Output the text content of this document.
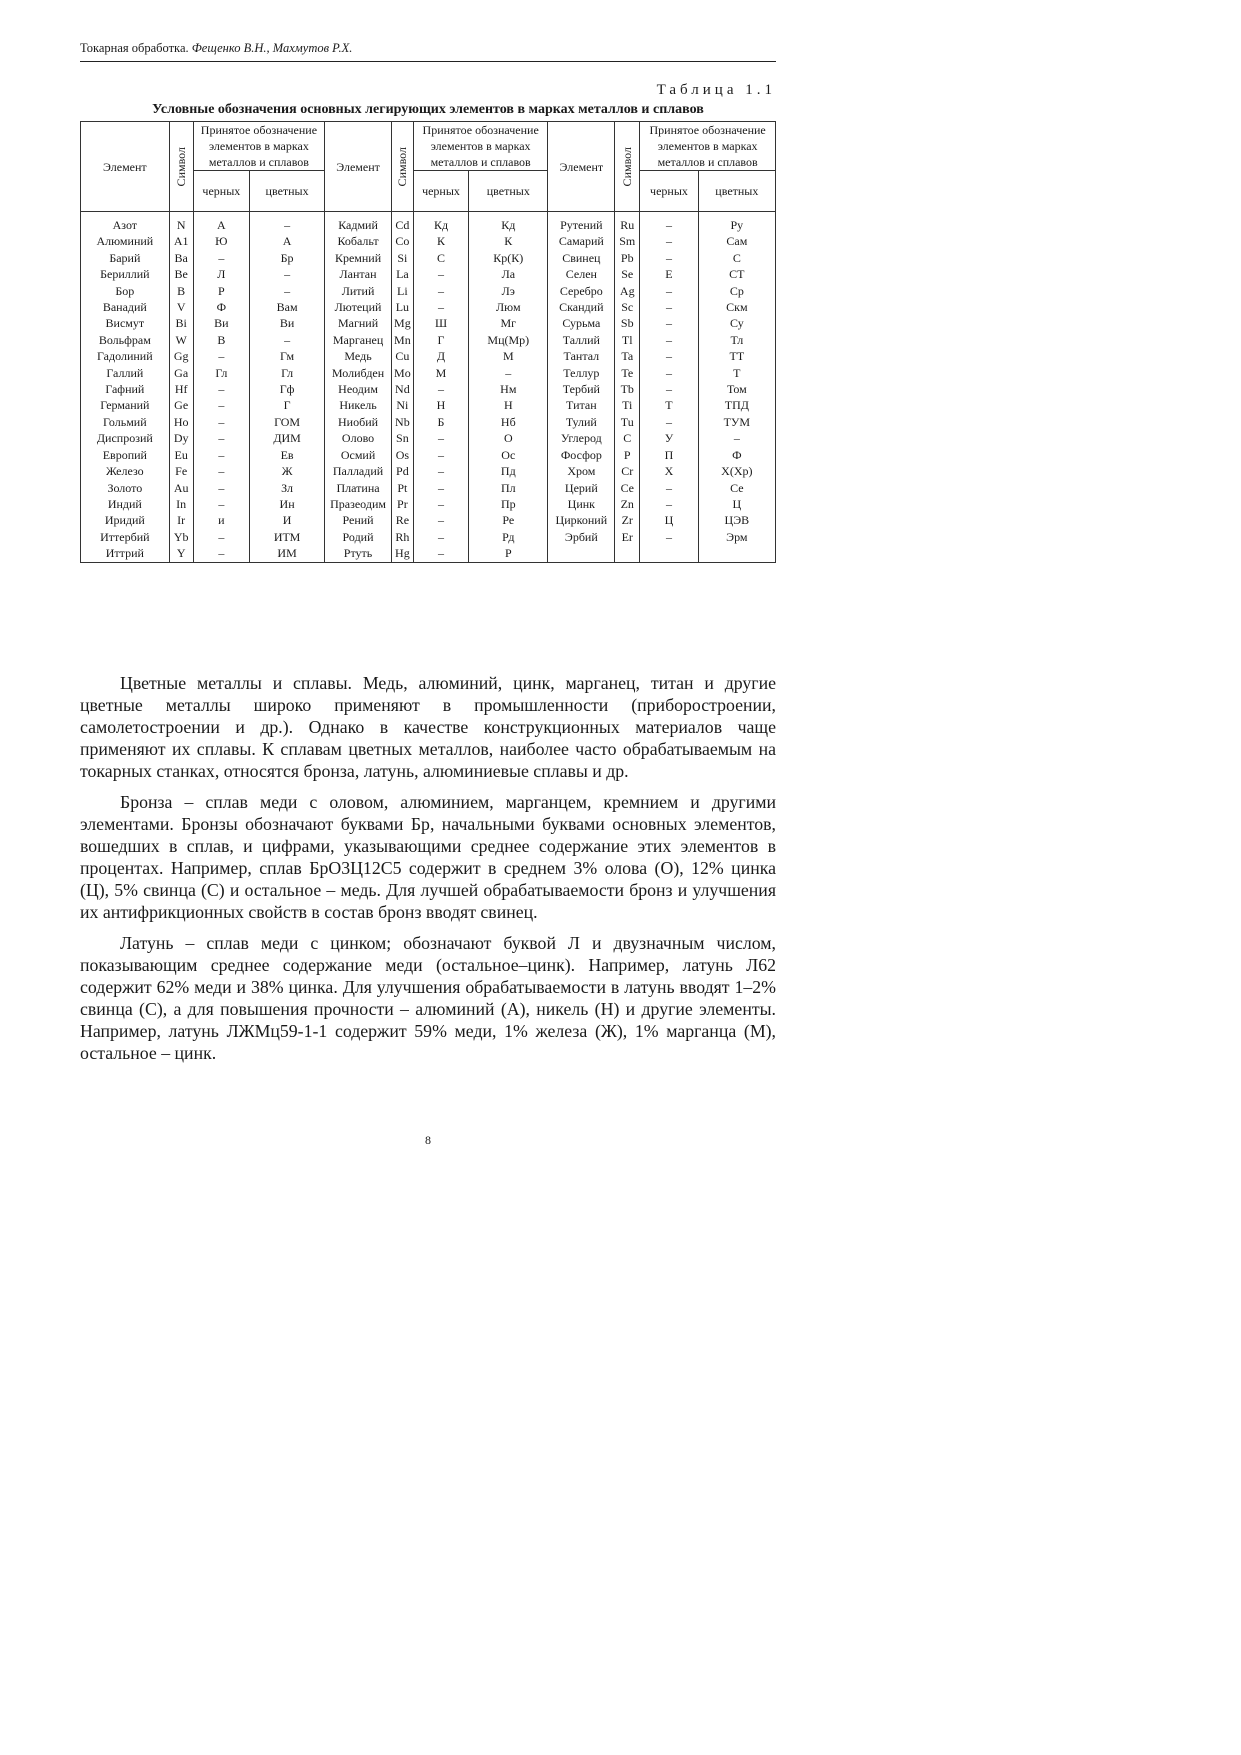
Токарная обработка. Фещенко В.Н., Махмутов Р.Х.
Таблица 1.1
Условные обозначения основных легирующих элементов в марках металлов и сплавов
Элемент	Символ	Принятое обозначение элементов в марках металлов и сплавов		Элемент	Символ	Принятое обозначение элементов в марках металлов и сплавов		Элемент	Символ	Принятое обозначение элементов в марках металлов и сплавов	
		черных	цветных			черных	цветных			черных	цветных
Азот	N	А	–	Кадмий	Cd	Кд	Кд	Рутений	Ru	–	Ру
Алюминий	A1	Ю	А	Кобальт	Co	К	К	Самарий	Sm	–	Сам
Барий	Ba	–	Бр	Кремний	Si	С	Кр(К)	Свинец	Pb	–	С
Бериллий	Be	Л	–	Лантан	La	–	Ла	Селен	Se	Е	СТ
Бор	B	Р	–	Литий	Li	–	Лэ	Серебро	Ag	–	Ср
Ванадий	V	Ф	Вам	Лютеций	Lu	–	Люм	Скандий	Sc	–	Скм
Висмут	Bi	Ви	Ви	Магний	Mg	Ш	Мг	Сурьма	Sb	–	Су
Вольфрам	W	В	–	Марганец	Mn	Г	Мц(Мр)	Таллий	Tl	–	Тл
Гадолиний	Gg	–	Гм	Медь	Cu	Д	М	Тантал	Ta	–	ТТ
Галлий	Ga	Гл	Гл	Молибден	Mo	М	–	Теллур	Te	–	Т
Гафний	Hf	–	Гф	Неодим	Nd	–	Нм	Тербий	Tb	–	Том
Германий	Ge	–	Г	Никель	Ni	Н	Н	Титан	Ti	Т	ТПД
Гольмий	Ho	–	ГОМ	Ниобий	Nb	Б	Нб	Тулий	Tu	–	ТУМ
Диспрозий	Dy	–	ДИМ	Олово	Sn	–	О	Углерод	C	У	–
Европий	Eu	–	Ев	Осмий	Os	–	Ос	Фосфор	P	П	Ф
Железо	Fe	–	Ж	Палладий	Pd	–	Пд	Хром	Cr	Х	Х(Хр)
Золото	Au	–	Зл	Платина	Pt	–	Пл	Церий	Ce	–	Се
Индий	In	–	Ин	Празеодим	Pr	–	Пр	Цинк	Zn	–	Ц
Иридий	Ir	и	И	Рений	Re	–	Ре	Цирконий	Zr	Ц	ЦЭВ
Иттербий	Yb	–	ИТМ	Родий	Rh	–	Рд	Эрбий	Er	–	Эрм
Иттрий	Y	–	ИМ	Ртуть	Hg	–	Р				

Цветные металлы и сплавы. Медь, алюминий, цинк, марганец, титан и другие цветные металлы широко применяют в промышленности (приборостроении, самолетостроении и др.). Однако в качестве конструкционных материалов чаще применяют их сплавы. К сплавам цветных металлов, наиболее часто обрабатываемым на токарных станках, относятся бронза, латунь, алюминиевые сплавы и др.

Бронза – сплав меди с оловом, алюминием, марганцем, кремнием и другими элементами. Бронзы обозначают буквами Бр, начальными буквами основных элементов, вошедших в сплав, и цифрами, указывающими среднее содержание этих элементов в процентах. Например, сплав БрО3Ц12С5 содержит в среднем 3% олова (О), 12% цинка (Ц), 5% свинца (С) и остальное – медь. Для лучшей обрабатываемости бронз и улучшения их антифрикционных свойств в состав бронз вводят свинец.

Латунь – сплав меди с цинком; обозначают буквой Л и двузначным числом, показывающим среднее содержание меди (остальное–цинк). Например, латунь Л62 содержит 62% меди и 38% цинка. Для улучшения обрабатываемости в латунь вводят 1–2% свинца (С), а для повышения прочности – алюминий (А), никель (Н) и другие элементы. Например, латунь ЛЖМц59-1-1 содержит 59% меди, 1% железа (Ж), 1% марганца (М), остальное – цинк.

8
